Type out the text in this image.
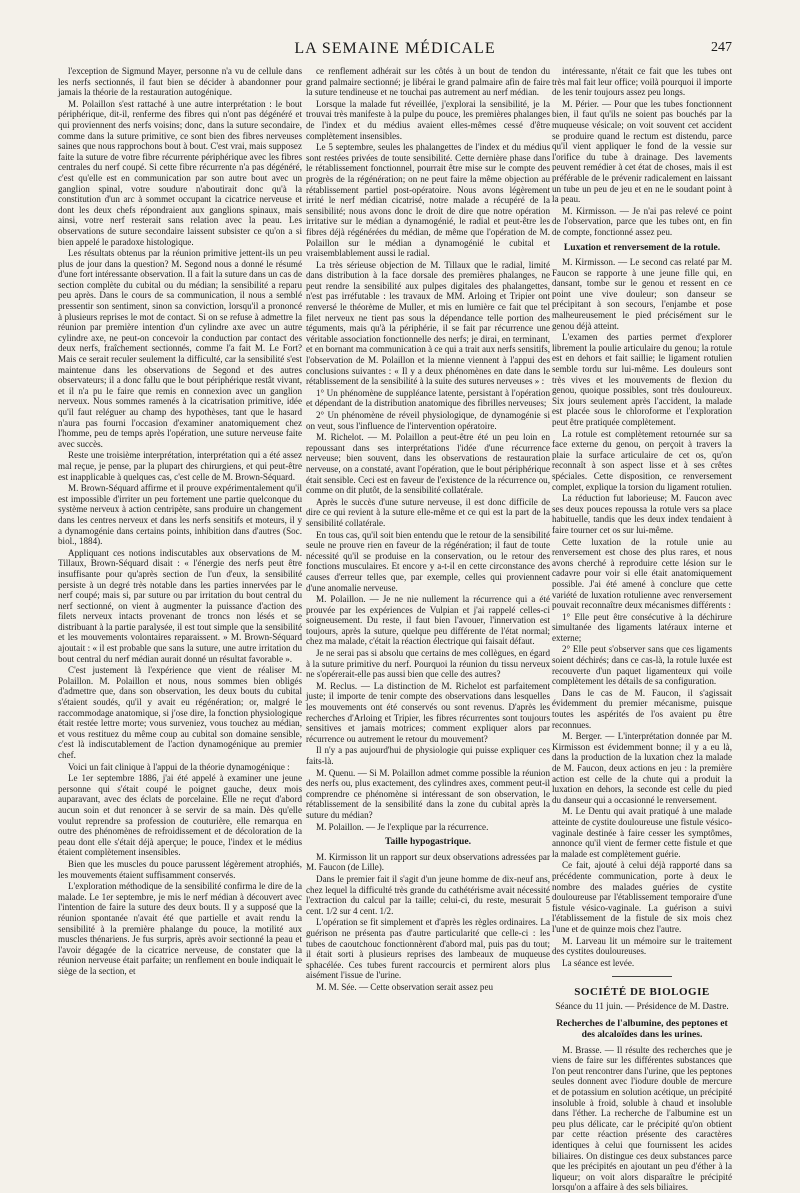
LA SEMAINE MÉDICALE	247

l'exception de Sigmund Mayer, personne n'a vu de cellule dans les nerfs sectionnés, il faut bien se décider à abandonner pour jamais la théorie de la restauration autogénique.

M. Polaillon s'est rattaché à une autre interprétation : le bout périphérique, dit-il, renferme des fibres qui n'ont pas dégénéré et qui proviennent des nerfs voisins; donc, dans la suture secondaire, comme dans la suture primitive, ce sont bien des fibres nerveuses saines que nous rapprochons bout à bout. C'est vrai, mais supposez faite la suture de votre fibre récurrente périphérique avec les fibres centrales du nerf coupé. Si cette fibre récurrente n'a pas dégénéré, c'est qu'elle est en communication par son autre bout avec un ganglion spinal, votre soudure n'aboutirait donc qu'à la constitution d'un arc à sommet occupant la cicatrice nerveuse et dont les deux chefs répondraient aux ganglions spinaux, mais ainsi, votre nerf resterait sans relation avec la peau. Les observations de suture secondaire laissent subsister ce qu'on a si bien appelé le paradoxe histologique.

Les résultats obtenus par la réunion primitive jettent-ils un peu plus de jour dans la question? M. Segond nous a donné le résumé d'une fort intéressante observation. Il a fait la suture dans un cas de section complète du cubital ou du médian; la sensibilité a reparu peu après. Dans le cours de sa communication, il nous a semblé pressentir son sentiment, sinon sa conviction, lorsqu'il a prononcé à plusieurs reprises le mot de contact. Si on se refuse à admettre la réunion par première intention d'un cylindre axe avec un autre cylindre axe, ne peut-on concevoir la conduction par contact des deux nerfs, fraîchement sectionnés, comme l'a fait M. Le Fort? Mais ce serait reculer seulement la difficulté, car la sensibilité s'est maintenue dans les observations de Segond et des autres observateurs; il a donc fallu que le bout périphérique restât vivant, et il n'a pu le faire que remis en connexion avec un ganglion nerveux. Nous sommes ramenés à la cicatrisation primitive, idée qu'il faut reléguer au champ des hypothèses, tant que le hasard n'aura pas fourni l'occasion d'examiner anatomiquement chez l'homme, peu de temps après l'opération, une suture nerveuse faite avec succès.

Reste une troisième interprétation, interprétation qui a été assez mal reçue, je pense, par la plupart des chirurgiens, et qui peut-être est inapplicable à quelques cas, c'est celle de M. Brown-Séquard.

M. Brown-Séquard affirme et il prouve expérimentalement qu'il est impossible d'irriter un peu fortement une partie quelconque du système nerveux à action centripète, sans produire un changement dans les centres nerveux et dans les nerfs sensitifs et moteurs, il y a dynamogénie dans certains points, inhibition dans d'autres (Soc. biol., 1884).

Appliquant ces notions indiscutables aux observations de M. Tillaux, Brown-Séquard disait : « l'énergie des nerfs peut être insuffisante pour qu'après section de l'un d'eux, la sensibilité persiste à un degré très notable dans les parties innervées par le nerf coupé; mais si, par suture ou par irritation du bout central du nerf sectionné, on vient à augmenter la puissance d'action des filets nerveux intacts provenant de troncs non lésés et se distribuant à la partie paralysée, il est tout simple que la sensibilité et les mouvements volontaires reparaissent. » M. Brown-Séquard ajoutait : « il est probable que sans la suture, une autre irritation du bout central du nerf médian aurait donné un résultat favorable ».

C'est justement là l'expérience que vient de réaliser M. Polaillon. M. Polaillon et nous, nous sommes bien obligés d'admettre que, dans son observation, les deux bouts du cubital s'étaient soudés, qu'il y avait eu régénération; or, malgré le raccommodage anatomique, si j'ose dire, la fonction physiologique était restée lettre morte; vous surveniez, vous touchez au médian, et vous restituez du même coup au cubital son domaine sensible, c'est là indiscutablement de l'action dynamogénique au premier chef.

Voici un fait clinique à l'appui de la théorie dynamogénique :

Le 1er septembre 1886, j'ai été appelé à examiner une jeune personne qui s'était coupé le poignet gauche, deux mois auparavant, avec des éclats de porcelaine. Elle ne reçut d'abord aucun soin et dut renoncer à se servir de sa main. Dès qu'elle voulut reprendre sa profession de couturière, elle remarqua en outre des phénomènes de refroidissement et de décoloration de la peau dont elle s'était déjà aperçue; le pouce, l'index et le médius étaient complètement insensibles.

Bien que les muscles du pouce parussent légèrement atrophiés, les mouvements étaient suffisamment conservés.

L'exploration méthodique de la sensibilité confirma le dire de la malade. Le 1er septembre, je mis le nerf médian à découvert avec l'intention de faire la suture des deux bouts. Il y a supposé que la réunion spontanée n'avait été que partielle et avait rendu la sensibilité à la première phalange du pouce, la motilité aux muscles thénariens. Je fus surpris, après avoir sectionné la peau et l'avoir dégagée de la cicatrice nerveuse, de constater que la réunion nerveuse était parfaite; un renflement en boule indiquait le siège de la section, et

ce renflement adhérait sur les côtés à un bout de tendon du grand palmaire sectionné; je libérai le grand palmaire afin de faire la suture tendineuse et ne touchai pas autrement au nerf médian.

Lorsque la malade fut réveillée, j'explorai la sensibilité, je la trouvai très manifeste à la pulpe du pouce, les premières phalanges de l'index et du médius avaient elles-mêmes cessé d'être complètement insensibles.

Le 5 septembre, seules les phalangettes de l'index et du médius sont restées privées de toute sensibilité. Cette dernière phase dans le rétablissement fonctionnel, pourrait être mise sur le compte des progrès de la régénération; on ne peut faire la même objection au rétablissement partiel post-opératoire. Nous avons légèrement irrité le nerf médian cicatrisé, notre malade a récupéré de la sensibilité; nous avons donc le droit de dire que notre opération irritative sur le médian a dynamogénié, le radial et peut-être les fibres déjà régénérées du médian, de même que l'opération de M. Polaillon sur le médian a dynamogénié le cubital et vraisemblablement aussi le radial.

La très sérieuse objection de M. Tillaux que le radial, limité dans distribution à la face dorsale des premières phalanges, ne peut rendre la sensibilité aux pulpes digitales des phalangettes, n'est pas irréfutable : les travaux de MM. Arloing et Tripier ont renversé le théorème de Muller, et mis en lumière ce fait que tel filet nerveux ne tient pas sous la dépendance telle portion des téguments, mais qu'à la périphérie, il se fait par récurrence une véritable association fonctionnelle des nerfs; je dirai, en terminant, et en bornant ma communication à ce qui a trait aux nerfs sensitifs, l'observation de M. Polaillon et la mienne viennent à l'appui des conclusions suivantes : « Il y a deux phénomènes en date dans le rétablissement de la sensibilité à la suite des sutures nerveuses » :

1° Un phénomène de suppléance latente, persistant à l'opération et dépendant de la distribution anatomique des fibrilles nerveuses;

2° Un phénomène de réveil physiologique, de dynamogénie si on veut, sous l'influence de l'intervention opératoire.

M. Richelot. — M. Polaillon a peut-être été un peu loin en repoussant dans ses interprétations l'idée d'une récurrence nerveuse; bien souvent, dans les observations de restauration nerveuse, on a constaté, avant l'opération, que le bout périphérique était sensible. Ceci est en faveur de l'existence de la récurrence ou, comme on dit plutôt, de la sensibilité collatérale.

Après le succès d'une suture nerveuse, il est donc difficile de dire ce qui revient à la suture elle-même et ce qui est la part de la sensibilité collatérale.

En tous cas, qu'il soit bien entendu que le retour de la sensibilité seule ne prouve rien en faveur de la régénération; il faut de toute nécessité qu'il se produise en la conservation, ou le retour des fonctions musculaires. Et encore y a-t-il en cette circonstance des causes d'erreur telles que, par exemple, celles qui proviennent d'une anomalie nerveuse.

M. Polaillon. — Je ne nie nullement la récurrence qui a été prouvée par les expériences de Vulpian et j'ai rappelé celles-ci soigneusement. Du reste, il faut bien l'avouer, l'innervation est toujours, après la suture, quelque peu différente de l'état normal; chez ma malade, c'était la réaction électrique qui faisait défaut.

Je ne serai pas si absolu que certains de mes collègues, en égard à la suture primitive du nerf. Pourquoi la réunion du tissu nerveux ne s'opérerait-elle pas aussi bien que celle des autres?

M. Reclus. — La distinction de M. Richelot est parfaitement juste; il importe de tenir compte des observations dans lesquelles les mouvements ont été conservés ou sont revenus. D'après les recherches d'Arloing et Tripier, les fibres récurrentes sont toujours sensitives et jamais motrices; comment expliquer alors par récurrence ou autrement le retour du mouvement?

Il n'y a pas aujourd'hui de physiologie qui puisse expliquer ces faits-là.

M. Quenu. — Si M. Polaillon admet comme possible la réunion des nerfs ou, plus exactement, des cylindres axes, comment peut-il comprendre ce phénomène si intéressant de son observation, le rétablissement de la sensibilité dans la zone du cubital après la suture du médian?

M. Polaillon. — Je l'explique par la récurrence.

Taille hypogastrique.

M. Kirmisson lit un rapport sur deux observations adressées par M. Faucon (de Lille).

Dans le premier fait il s'agit d'un jeune homme de dix-neuf ans, chez lequel la difficulté très grande du cathétérisme avait nécessité l'extraction du calcul par la taille; celui-ci, du reste, mesurait 5 cent. 1/2 sur 4 cent. 1/2.

L'opération se fit simplement et d'après les règles ordinaires. La guérison ne présenta pas d'autre particularité que celle-ci : les tubes de caoutchouc fonctionnèrent d'abord mal, puis pas du tout; il était sorti à plusieurs reprises des lambeaux de muqueuse sphacélée. Ces tubes furent raccourcis et permirent alors plus aisément l'issue de l'urine.

M. M. Sée. — Cette observation serait assez peu

intéressante, n'était ce fait que les tubes ont très mal fait leur office; voilà pourquoi il importe de les tenir toujours assez peu longs.

M. Périer. — Pour que les tubes fonctionnent bien, il faut qu'ils ne soient pas bouchés par la muqueuse vésicale; on voit souvent cet accident se produire quand le rectum est distendu, parce qu'il vient appliquer le fond de la vessie sur l'orifice du tube à drainage. Des lavements peuvent remédier à cet état de choses, mais il est préférable de le prévenir radicalement en laissant un tube un peu de jeu et en ne le soudant point à la peau.

M. Kirmisson. — Je n'ai pas relevé ce point de l'observation, parce que les tubes ont, en fin de compte, fonctionné assez peu.

Luxation et renversement de la rotule.

M. Kirmisson. — Le second cas relaté par M. Faucon se rapporte à une jeune fille qui, en dansant, tombe sur le genou et ressent en ce point une vive douleur; son danseur se précipitant à son secours, l'enjambe et pose malheureusement le pied précisément sur le genou déjà atteint.

L'examen des parties permet d'explorer librement la poulie articulaire du genou; la rotule est en dehors et fait saillie; le ligament rotulien semble tordu sur lui-même. Les douleurs sont très vives et les mouvements de flexion du genou, quoique possibles, sont très douloureux. Six jours seulement après l'accident, la malade est placée sous le chloroforme et l'exploration peut être pratiquée complètement.

La rotule est complètement retournée sur sa face externe du genou, on perçoit à travers la plaie la surface articulaire de cet os, qu'on reconnaît à son aspect lisse et à ses crêtes spéciales. Cette disposition, ce renversement complet, explique la torsion du ligament rotulien.

La réduction fut laborieuse; M. Faucon avec ses deux pouces repoussa la rotule vers sa place habituelle, tandis que les deux index tendaient à faire tourner cet os sur lui-même.

Cette luxation de la rotule unie au renversement est chose des plus rares, et nous avons cherché à reproduire cette lésion sur le cadavre pour voir si elle était anatomiquement possible. J'ai été amené à conclure que cette variété de luxation rotulienne avec renversement pouvait reconnaître deux mécanismes différents :

1° Elle peut être consécutive à la déchirure simultanée des ligaments latéraux interne et externe;

2° Elle peut s'observer sans que ces ligaments soient déchirés; dans ce cas-là, la rotule luxée est recouverte d'un paquet ligamenteux qui voile complètement les détails de sa configuration.

Dans le cas de M. Faucon, il s'agissait évidemment du premier mécanisme, puisque toutes les aspérités de l'os avaient pu être reconnues.

M. Berger. — L'interprétation donnée par M. Kirmisson est évidemment bonne; il y a eu là, dans la production de la luxation chez la malade de M. Faucon, deux actions en jeu : la première action est celle de la chute qui a produit la luxation en dehors, la seconde est celle du pied du danseur qui a occasionné le renversement.

M. Le Dentu qui avait pratiqué à une malade atteinte de cystite douloureuse une fistule vésico-vaginale destinée à faire cesser les symptômes, annonce qu'il vient de fermer cette fistule et que la malade est complètement guérie.

Ce fait, ajouté à celui déjà rapporté dans sa précédente communication, porte à deux le nombre des malades guéries de cystite douloureuse par l'établissement temporaire d'une fistule vésico-vaginale. La guérison a suivi l'établissement de la fistule de six mois chez l'une et de quinze mois chez l'autre.

M. Larveau lit un mémoire sur le traitement des cystites douloureuses.

La séance est levée.

SOCIÉTÉ DE BIOLOGIE
Séance du 11 juin. — Présidence de M. Dastre.
Recherches de l'albumine, des peptones et des alcaloïdes dans les urines.

M. Brasse. — Il résulte des recherches que je viens de faire sur les différentes substances que l'on peut rencontrer dans l'urine, que les peptones seules donnent avec l'iodure double de mercure et de potassium en solution acétique, un précipité insoluble à froid, soluble à chaud et insoluble dans l'éther. La recherche de l'albumine est un peu plus délicate, car le précipité qu'on obtient par cette réaction présente des caractères identiques à celui que fournissent les acides biliaires. On distingue ces deux substances parce que les précipités en ajoutant un peu d'éther à la liqueur; on voit alors disparaître le précipité lorsqu'on a affaire à des sels biliaires.
